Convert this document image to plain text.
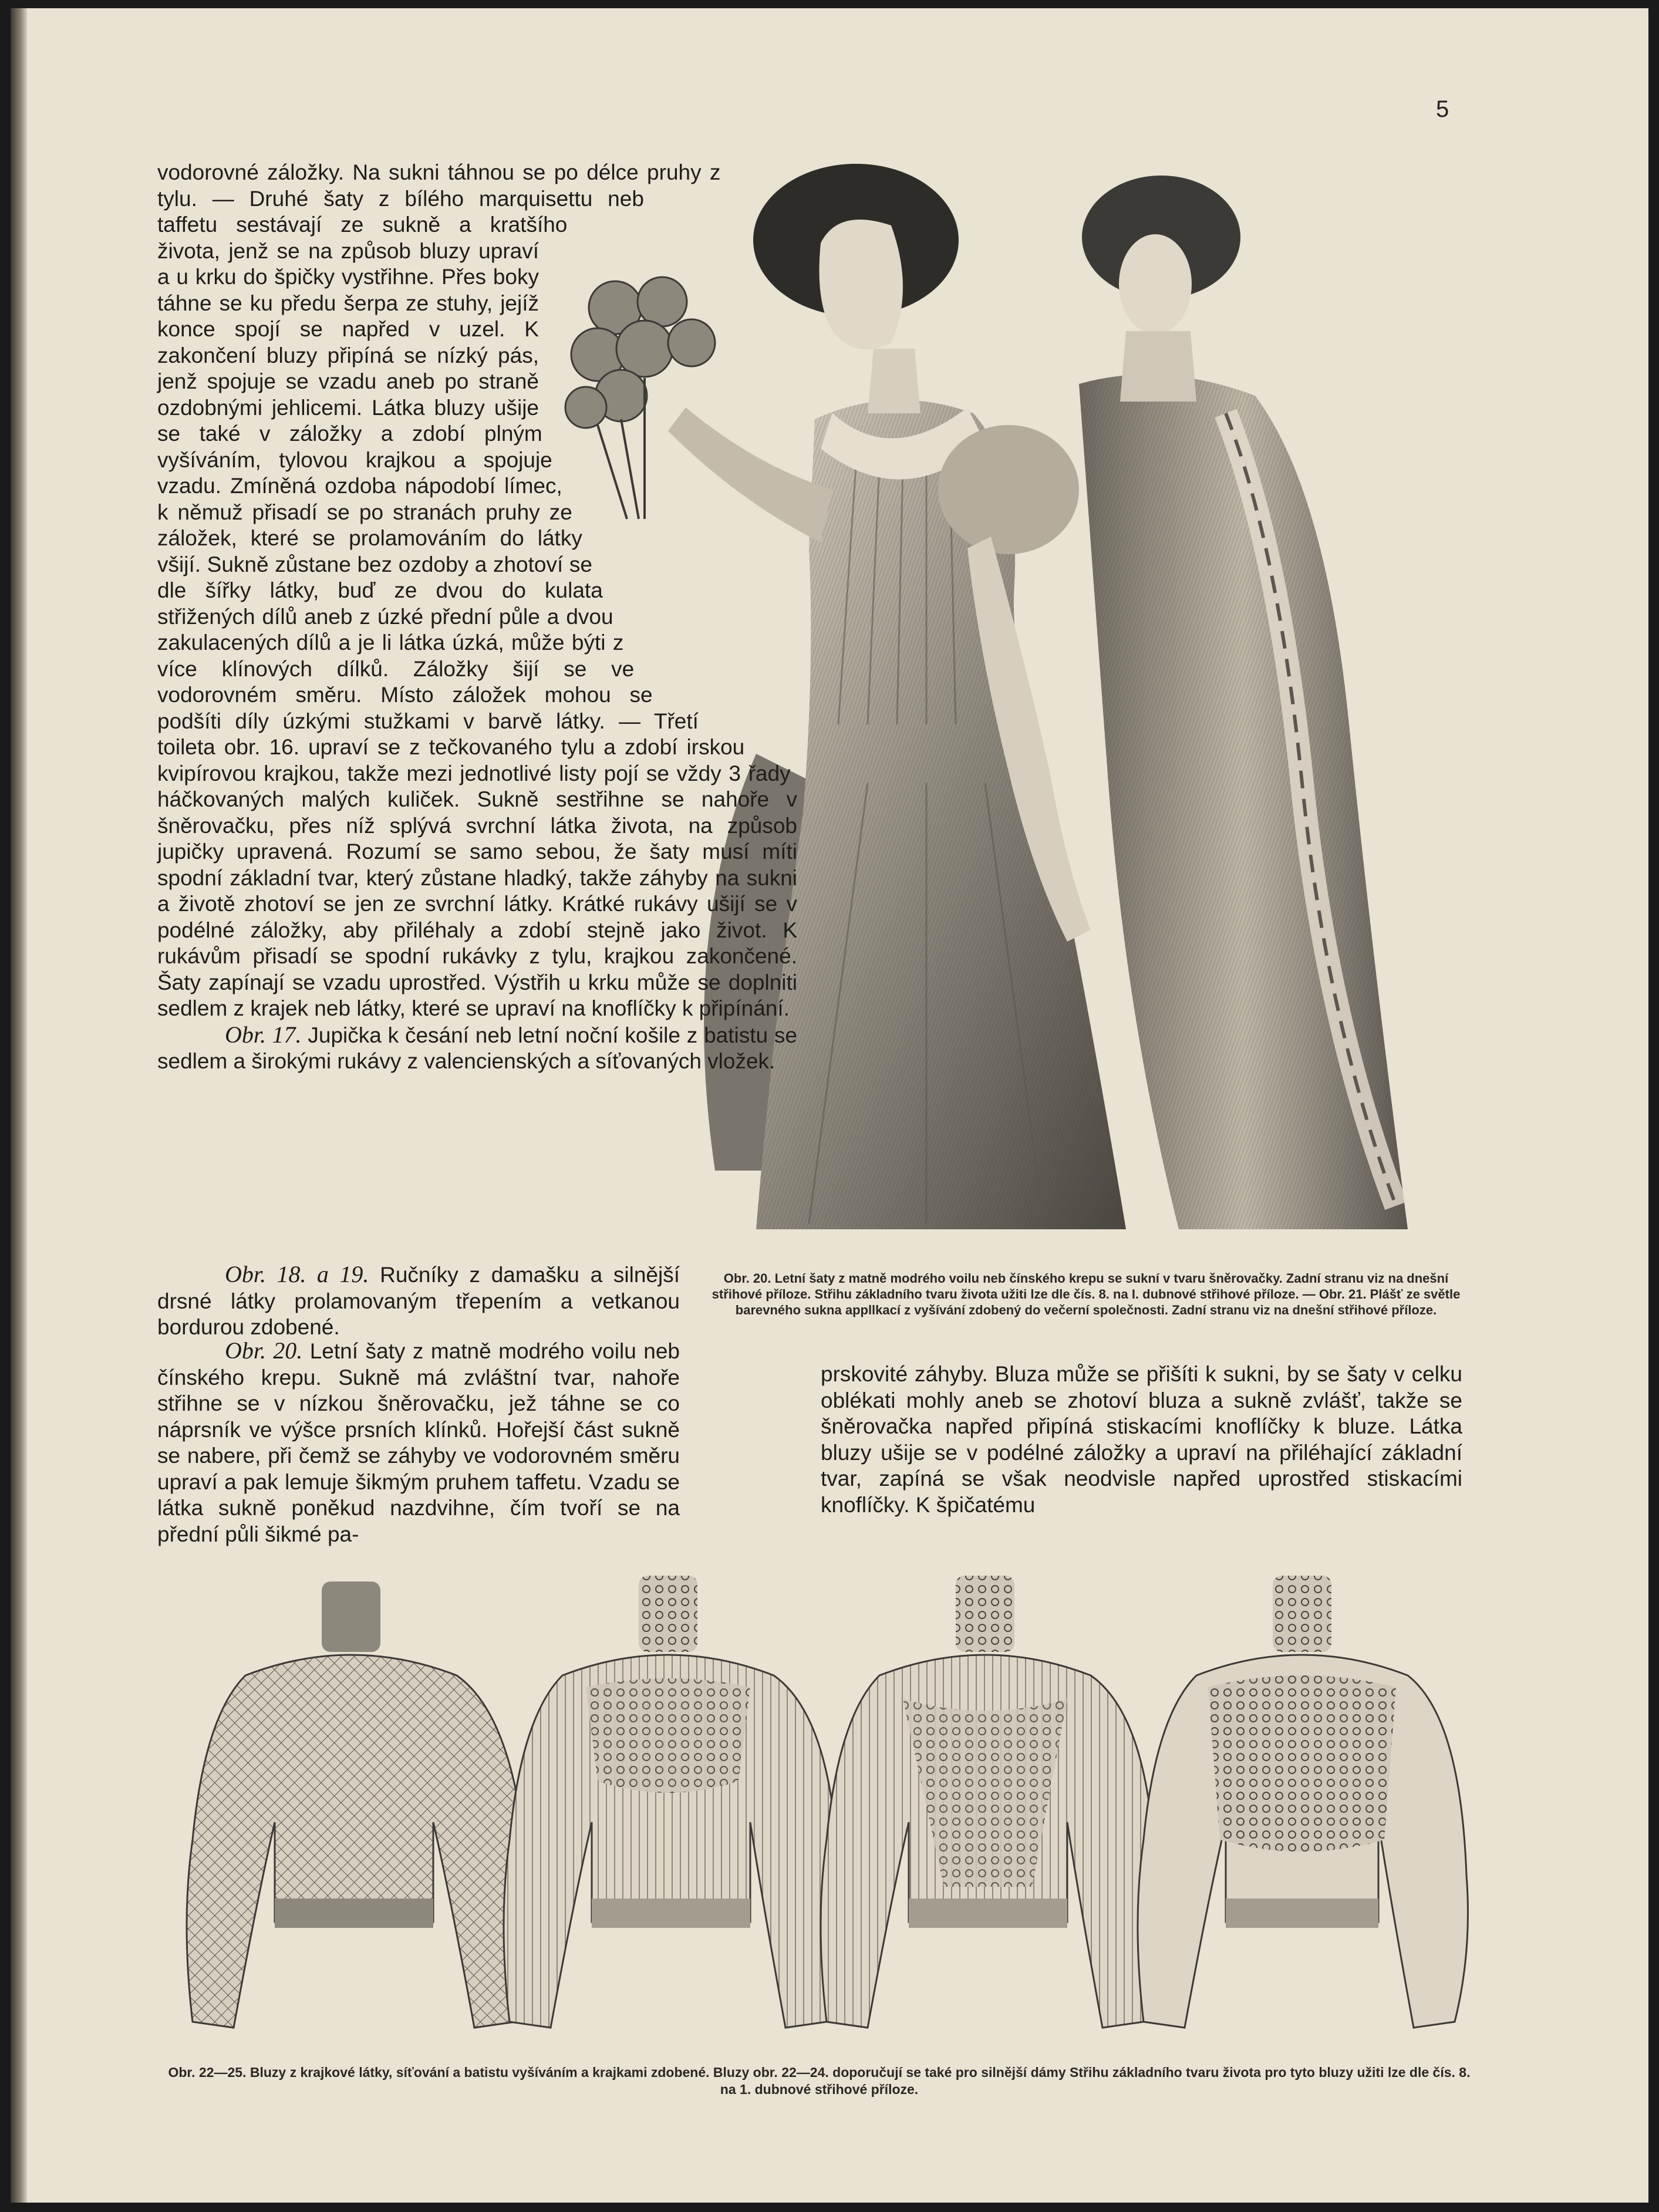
5
Obr. 20. Letní šaty z matně modrého voilu neb čínského krepu se sukní v tvaru šněrovačky. Zadní stranu viz na dnešní střihové příloze. Střihu základního tvaru života užiti lze dle čís. 8. na I. dubnové střihové příloze. — Obr. 21. Plášť ze světle barevného sukna appllkací z vyšívání zdobený do večerní společnosti. Zadní stranu viz na dnešní střihové příloze.

vodorovné záložky. Na sukni táhnou se po délce pruhy z tylu. — Druhé šaty z bílého marquisettu neb taffetu sestávají ze sukně a kratšího života, jenž se na způsob bluzy upraví a u krku do špičky vystřihne. Přes boky táhne se ku předu šerpa ze stuhy, jejíž konce spojí se napřed v uzel. K zakončení bluzy připíná se nízký pás, jenž spojuje se vzadu aneb po straně ozdobnými jehlicemi. Látka bluzy ušije se také v záložky a zdobí plným vyšíváním, tylovou krajkou a spojuje vzadu. Zmíněná ozdoba nápodobí límec, k němuž přisadí se po stranách pruhy ze záložek, které se prolamováním do látky všijí. Sukně zůstane bez ozdoby a zhotoví se dle šířky látky, buď ze dvou do kulata střižených dílů aneb z úzké přední půle a dvou zakulacených dílů a je li látka úzká, může býti z více klínových dílků. Záložky šijí se ve vodorovném směru. Místo záložek mohou se podšíti díly úzkými stužkami v barvě látky. — Třetí toileta obr. 16. upraví se z tečkovaného tylu a zdobí irskou kvipírovou krajkou, takže mezi jednotlivé listy pojí se vždy 3 řady háčkovaných malých kuliček. Sukně sestřihne se nahoře v šněrovačku, přes níž splývá svrchní látka života, na způsob jupičky upravená. Rozumí se samo sebou, že šaty musí míti spodní základní tvar, který zůstane hladký, takže záhyby na sukni a životě zhotoví se jen ze svrchní látky. Krátké rukávy ušijí se v podélné záložky, aby přiléhaly a zdobí stejně jako život. K rukávům přisadí se spodní rukávky z tylu, krajkou zakončené. Šaty zapínají se vzadu uprostřed. Výstřih u krku může se doplniti sedlem z krajek neb látky, které se upraví na knoflíčky k připínání.

Obr. 17. Jupička k česání neb letní noční košile z batistu se sedlem a širokými rukávy z valencienských a síťovaných vložek.

Obr. 18. a 19. Ručníky z damašku a silnější drsné látky prolamovaným třepením a vetkanou bordurou zdobené.

Obr. 20. Letní šaty z matně modrého voilu neb čínského krepu. Sukně má zvláštní tvar, nahoře střihne se v nízkou šněrovačku, jež táhne se co náprsník ve výšce prsních klínků. Hořejší část sukně se nabere, při čemž se záhyby ve vodorovném směru upraví a pak lemuje šikmým pruhem taffetu. Vzadu se látka sukně poněkud nazdvihne, čím tvoří se na přední půli šikmé pa-

prskovité záhyby. Bluza může se přišíti k sukni, by se šaty v celku oblékati mohly aneb se zhotoví bluza a sukně zvlášť, takže se šněrovačka napřed připíná stiskacími knoflíčky k bluze. Látka bluzy ušije se v podélné záložky a upraví na přiléhající základní tvar, zapíná se však neodvisle napřed uprostřed stiskacími knoflíčky. K špičatému

Obr. 22—25. Bluzy z krajkové látky, síťování a batistu vyšíváním a krajkami zdobené. Bluzy obr. 22—24. doporučují se také pro silnější dámy Střihu základního tvaru života pro tyto bluzy užiti lze dle čís. 8. na 1. dubnové střihové příloze.
